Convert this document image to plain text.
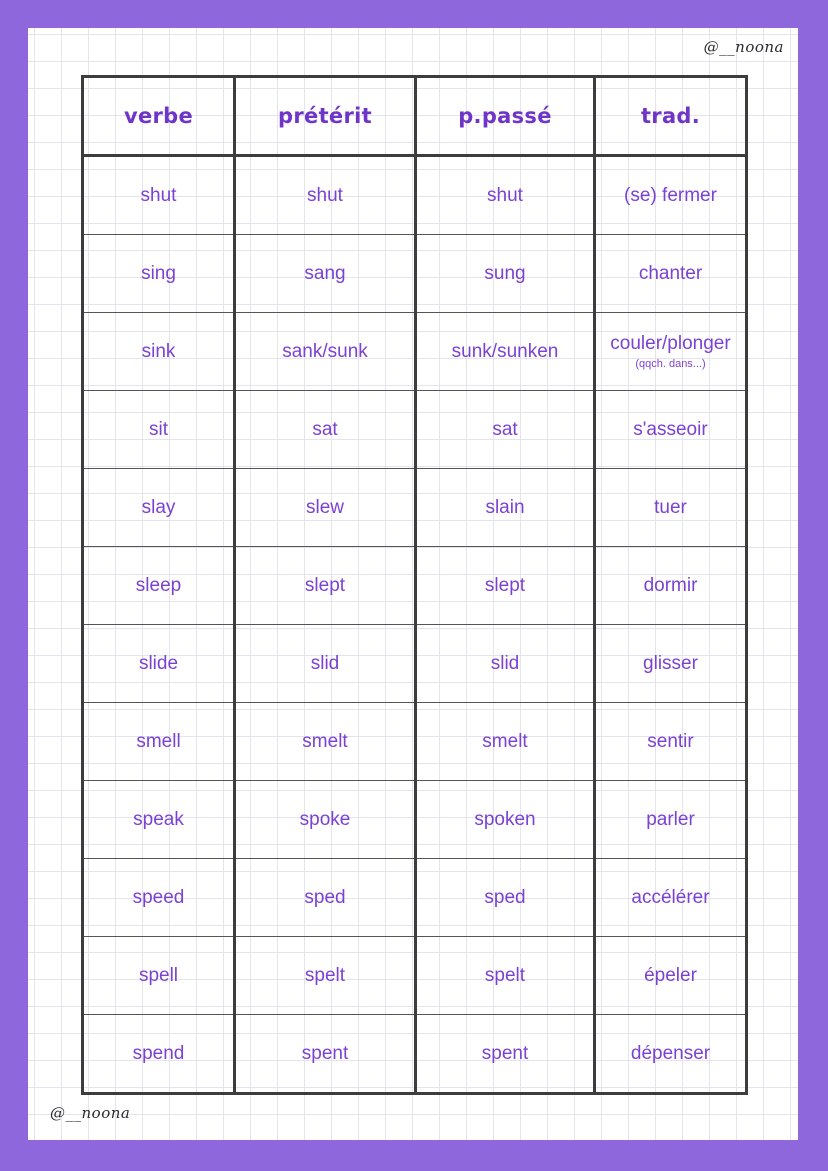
@__noona
verbe	prétérit	p.passé	trad.
shut	shut	shut	(se) fermer
sing	sang	sung	chanter
sink	sank/sunk	sunk/sunken	couler/plonger
(qqch. dans...)

sit	sat	sat	s'asseoir
slay	slew	slain	tuer
sleep	slept	slept	dormir
slide	slid	slid	glisser
smell	smelt	smelt	sentir
speak	spoke	spoken	parler
speed	sped	sped	accélérer
spell	spelt	spelt	épeler
spend	spent	spent	dépenser
@__noona
